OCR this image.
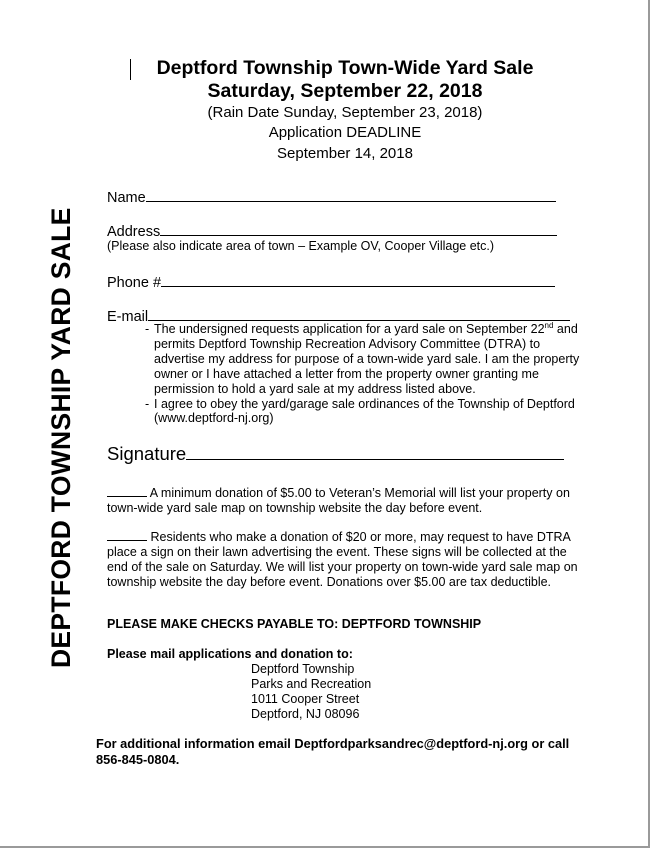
DEPTFORD TOWNSHIP YARD SALE
Deptford Township Town-Wide Yard Sale
Saturday, September 22, 2018
(Rain Date Sunday, September 23, 2018)
Application DEADLINE
September 14, 2018
Name
Address
(Please also indicate area of town – Example OV, Cooper Village etc.)
Phone #
E-mail
- The undersigned requests application for a yard sale on September 22nd and permits Deptford Township Recreation Advisory Committee (DTRA) to advertise my address for purpose of a town-wide yard sale. I am the property owner or I have attached a letter from the property owner granting me permission to hold a yard sale at my address listed above.
- I agree to obey the yard/garage sale ordinances of the Township of Deptford (www.deptford-nj.org)
Signature
A minimum donation of $5.00 to Veteran’s Memorial will list your property on town-wide yard sale map on township website the day before event.
Residents who make a donation of $20 or more, may request to have DTRA place a sign on their lawn advertising the event. These signs will be collected at the end of the sale on Saturday. We will list your property on town-wide yard sale map on township website the day before event. Donations over $5.00 are tax deductible.
PLEASE MAKE CHECKS PAYABLE TO: DEPTFORD TOWNSHIP
Please mail applications and donation to:
Deptford Township
Parks and Recreation
1011 Cooper Street
Deptford, NJ 08096
For additional information email Deptfordparksandrec@deptford-nj.org or call 856-845-0804.
